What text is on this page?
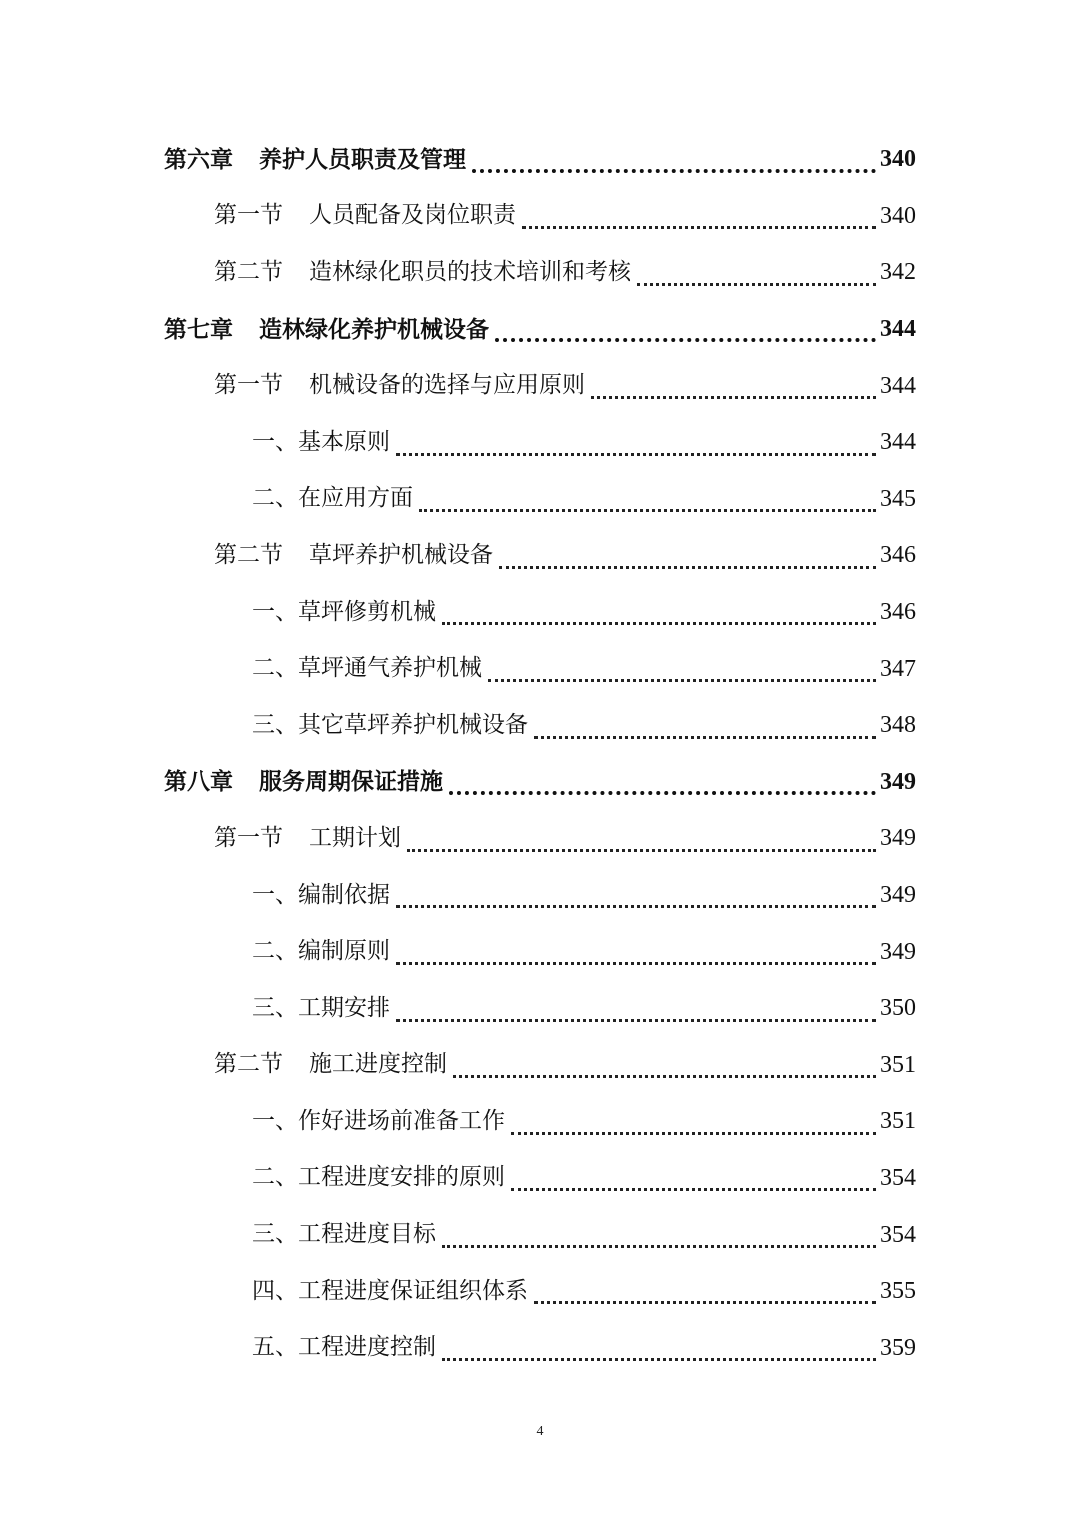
第六章 养护人员职责及管理	340
第一节 人员配备及岗位职责	340
第二节 造林绿化职员的技术培训和考核	342
第七章 造林绿化养护机械设备	344
第一节 机械设备的选择与应用原则	344
一、 基本原则	344
二、 在应用方面	345
第二节 草坪养护机械设备	346
一、 草坪修剪机械	346
二、 草坪通气养护机械	347
三、 其它草坪养护机械设备	348
第八章 服务周期保证措施	349
第一节 工期计划	349
一、 编制依据	349
二、 编制原则	349
三、 工期安排	350
第二节 施工进度控制	351
一、 作好进场前准备工作	351
二、 工程进度安排的原则	354
三、 工程进度目标	354
四、 工程进度保证组织体系	355
五、 工程进度控制	359
4
